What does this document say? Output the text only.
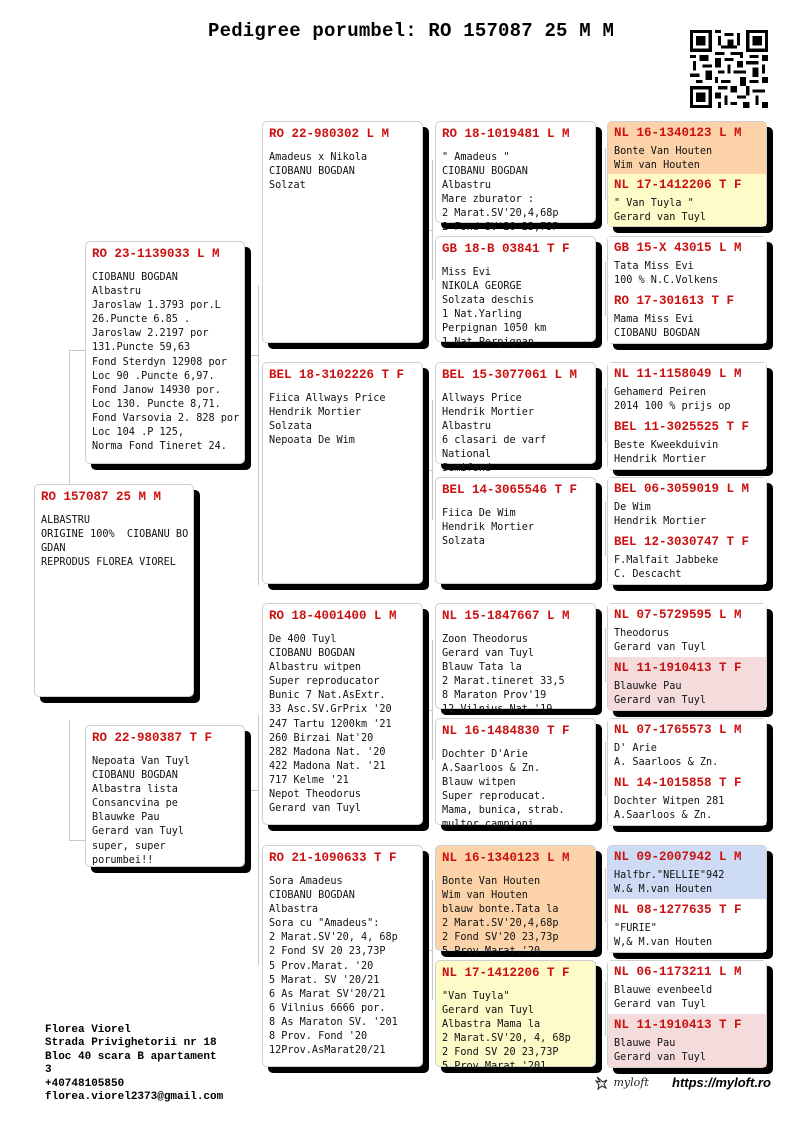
Pedigree porumbel: RO 157087 25 M M
RO 157087 25 M M
ALBASTRU
ORIGINE 100%  CIOBANU BO
GDAN
REPRODUS FLOREA VIOREL
RO 23-1139033 L M
CIOBANU BOGDAN
Albastru
Jaroslaw 1.3793 por.L
26.Puncte 6.85 .
Jaroslaw 2.2197 por
131.Puncte 59,63
Fond Sterdyn 12908 por
Loc 90 .Puncte 6,97.
Fond Janow 14930 por.
Loc 130. Puncte 8,71.
Fond Varsovia 2. 828 por
Loc 104 .P 125,
Norma Fond Tineret 24.
RO 22-980387 T F
Nepoata Van Tuyl
CIOBANU BOGDAN
Albastra lista
Consancvina pe
Blauwke Pau
Gerard van Tuyl
super, super
porumbei!!
RO 22-980302 L M
Amadeus x Nikola
CIOBANU BOGDAN
Solzat
BEL 18-3102226 T F
Fiica Allways Price
Hendrik Mortier
Solzata
Nepoata De Wim
RO 18-4001400 L M
De 400 Tuyl
CIOBANU BOGDAN
Albastru witpen
Super reproducator
Bunic 7 Nat.AsExtr.
33 Asc.SV.GrPrix '20
247 Tartu 1200km '21
260 Birzai Nat'20
282 Madona Nat. '20
422 Madona Nat. '21
717 Kelme '21
Nepot Theodorus
Gerard van Tuyl
RO 21-1090633 T F
Sora Amadeus
CIOBANU BOGDAN
Albastra
Sora cu "Amadeus":
2 Marat.SV'20, 4, 68p
2 Fond SV 20 23,73P
5 Prov.Marat. '20
5 Marat. SV '20/21
6 As Marat SV'20/21
6 Vilnius 6666 por.
8 As Maraton SV. '201
8 Prov. Fond '20
12Prov.AsMarat20/21
RO 18-1019481 L M
" Amadeus "
CIOBANU BOGDAN
Albastru
Mare zburator :
2 Marat.SV'20,4,68p
2 Fond SV'20 23,73P
GB 18-B 03841 T F
Miss Evi
NIKOLA GEORGE
Solzata deschis
1 Nat.Yarling
Perpignan 1050 km
1 Nat.Perpignan
BEL 15-3077061 L M
Allways Price
Hendrik Mortier
Albastru
6 clasari de varf
National
Semifond
BEL 14-3065546 T F
Fiica De Wim
Hendrik Mortier
Solzata
NL 15-1847667 L M
Zoon Theodorus
Gerard van Tuyl
Blauw Tata la
2 Marat.tineret 33,5
8 Maraton Prov'19
12 Vilnius Nat.'19
NL 16-1484830 T F
Dochter D'Arie
A.Saarloos & Zn.
Blauw witpen
Super reproducat.
Mama, bunica, strab.
multor campioni
NL 16-1340123 L M
Bonte Van Houten
Wim van Houten
blauw bonte.Tata la
2 Marat.SV'20,4,68p
2 Fond SV'20 23,73p
5 Prov.Marat.'20
NL 17-1412206 T F
"Van Tuyla"
Gerard van Tuyl
Albastra Mama la
2 Marat.SV'20, 4, 68p
2 Fond SV 20 23,73P
5 Prov.Marat.'201
NL 16-1340123 L M
Bonte Van Houten
Wim van Houten
NL 17-1412206 T F
" Van Tuyla "
Gerard van Tuyl
GB 15-X 43015 L M
Tata Miss Evi
100 % N.C.Volkens
RO 17-301613 T F
Mama Miss Evi
CIOBANU BOGDAN
NL 11-1158049 L M
Gehamerd Peiren
2014 100 % prijs op
BEL 11-3025525 T F
Beste Kweekduivin
Hendrik Mortier
BEL 06-3059019 L M
De Wim
Hendrik Mortier
BEL 12-3030747 T F
F.Malfait Jabbeke
C. Descacht
NL 07-5729595 L M
Theodorus
Gerard van Tuyl
NL 11-1910413 T F
Blauwke Pau
Gerard van Tuyl
NL 07-1765573 L M
D' Arie
A. Saarloos & Zn.
NL 14-1015858 T F
Dochter Witpen 281
A.Saarloos & Zn.
NL 09-2007942 L M
Halfbr."NELLIE"942
W.& M.van Houten
NL 08-1277635 T F
"FURIE"
W,& M.van Houten
NL 06-1173211 L M
Blauwe evenbeeld
Gerard van Tuyl
NL 11-1910413 T F
Blauwe Pau
Gerard van Tuyl
Florea Viorel
Strada Privighetorii nr 18
Bloc 40 scara B apartament
3
+40748105850
florea.viorel2373@gmail.com
myloft https://myloft.ro
